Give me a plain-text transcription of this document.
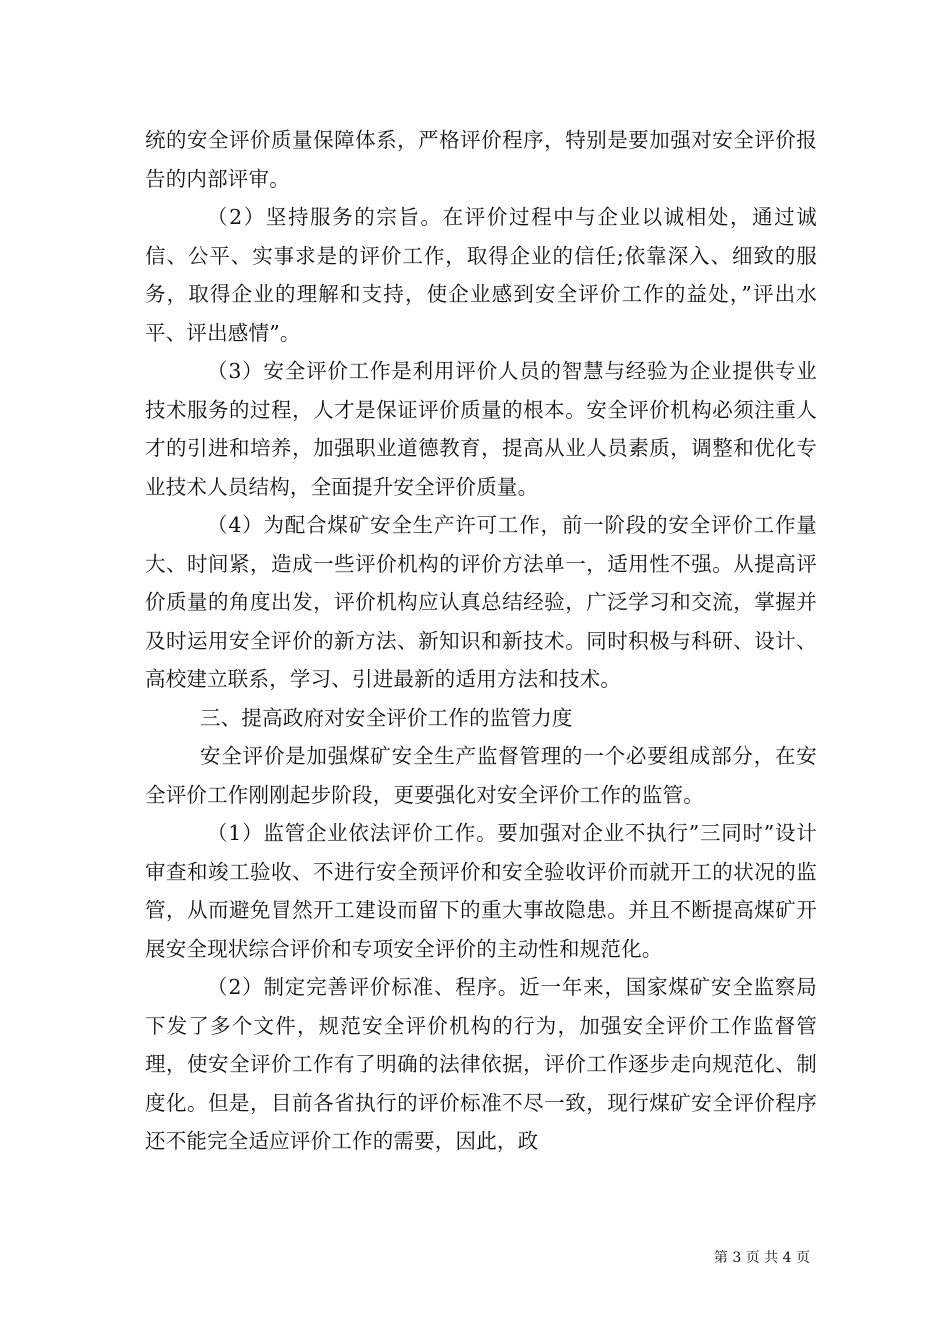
统的安全评价质量保障体系，严格评价程序，特别是要加强对安全评价报告的内部评审。

（2）坚持服务的宗旨。在评价过程中与企业以诚相处，通过诚信、公平、实事求是的评价工作，取得企业的信任;依靠深入、细致的服务，取得企业的理解和支持，使企业感到安全评价工作的益处，”评出水平、评出感情”。

（3）安全评价工作是利用评价人员的智慧与经验为企业提供专业技术服务的过程，人才是保证评价质量的根本。安全评价机构必须注重人才的引进和培养，加强职业道德教育，提高从业人员素质，调整和优化专业技术人员结构，全面提升安全评价质量。

（4）为配合煤矿安全生产许可工作，前一阶段的安全评价工作量大、时间紧，造成一些评价机构的评价方法单一，适用性不强。从提高评价质量的角度出发，评价机构应认真总结经验，广泛学习和交流，掌握并及时运用安全评价的新方法、新知识和新技术。同时积极与科研、设计、高校建立联系，学习、引进最新的适用方法和技术。

三、提高政府对安全评价工作的监管力度

安全评价是加强煤矿安全生产监督管理的一个必要组成部分，在安全评价工作刚刚起步阶段，更要强化对安全评价工作的监管。

（1）监管企业依法评价工作。要加强对企业不执行”三同时”设计审查和竣工验收、不进行安全预评价和安全验收评价而就开工的状况的监管，从而避免冒然开工建设而留下的重大事故隐患。并且不断提高煤矿开展安全现状综合评价和专项安全评价的主动性和规范化。

（2）制定完善评价标准、程序。近一年来，国家煤矿安全监察局下发了多个文件，规范安全评价机构的行为，加强安全评价工作监督管理，使安全评价工作有了明确的法律依据，评价工作逐步走向规范化、制度化。但是，目前各省执行的评价标准不尽一致，现行煤矿安全评价程序还不能完全适应评价工作的需要，因此，政

第 3 页 共 4 页
